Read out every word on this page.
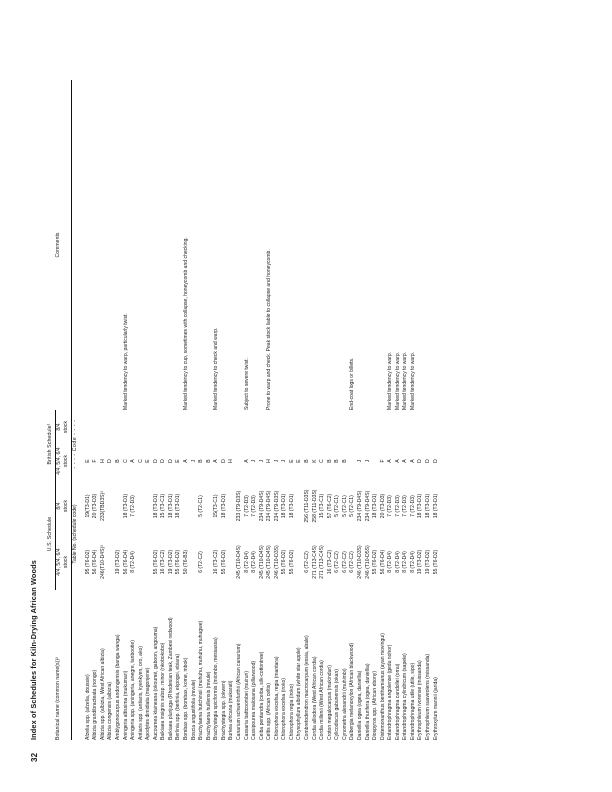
32
Index of Schedules for Kiln-Drying African Woods
	U.S. Schedule		British Schedule¹		
Botanical name (common name(s))²	4/4, 5/4, 6/4 stock	8/4 stock	4/4, 5/4, 6/4 stock	8/4 stock	Comments
	Table No. (schedule code)		- - - - Code - - - -		

Afzelia spp. (afzelia, doussie)	95 (T6-D2)	19(T3-D1)	E		
Albizia grandibracteata (nongo)	56 (T6-D4)	20 (T3-D3)	F		
Albizia spp. (albizia, West African albizia)	246(T10-D4S)³	233(TBD3S)³	H		
Albizia congensis (albizia)			D		
Amblygonocarpus andongensis (banga wanga)	19 (T3-D2)		B		
Aningeria altissima (mukumari)	56 (T6-D4)	18 (T3-D1)	C		Marked tendency to warp, particularly twist.
Aningeria spp. (aningeria, anegre, tanbootie)	8 (T2-D4)	7 (T2-D3)	A		
Antiaris spp. (antiaris, kyenkyen, oro, ako)			C		
Apodytes dimidiata (magonjene)			E		
Aucoumea klaineana (okoumé, gaboon, angouma)	55 (T6-D2)	18 (T3-D1)	D		
Baikiaea insignis subsp. minor (nkobokobo)	16 (T3-C2)	15 (T3-C1)	D		
Baikiaea plurijuga (Rhodesian teak, Zambesi redwood)	19 (T3-D2)	18 (T3-D1)	D		
Berlinia spp. (berlinia, ekpogoi, ebiara)	55 (T6-D2)	18 (T3-D1)	E		
Bombax spp. (bombax, kome, mbok)	50 (T6-B3)		A		Marked tendency to cup, sometimes with collapse, honeycomb and checking.
Boscia angustifolia (mvule)			J		
Brachylaena hutchinsii (muhuhu, muhuhu, muhugwe)	6 (T2-C2)	5 (T2-C1)	B		
Brachylaena huillensis (mvule)			B		
Brachystegia spiciformis (miombo, messassa)	16 (T3-C2)	15(T3-C1)	A		Marked tendency to check and warp.
Brachystegia spp. (okwen)	55 (T6-D2)	18 (T3-D1)	D		
Burkea africana (mukarati)			H		
Canarium schweinfurthii (African canarium)	245 (T10-D4S)	233 (T9-D3S)			
Cassaria battcoombei (muiruri)	8 (T2-D4)	7 (T2-D3)	A		Subject to severe twist.
Cassipourea malosana (pillarwood)	8 (T2-D4)	7 (T2-D3)	J		
Ceiba pentandra (ceiba, silk-cottontree)	245 (T10-D4S)	234 (T9-D4S)	J		
Celtis spp. (African celtis)	245 (T10-D4S)	234 (T9-D4S)	H		Prone to warp and check. Peak stock liable to collapse and honeycomb.
Chlorophora excelsa, regia (mantara)	246 (T10-D3S)	234 (T9-D3S)	J		
Chlorophora excelsa (iroko)	55 (T6-D2)	18 (T3-D1)	J		
Chlorophora regia (iroko)	55 (T6-D2)	18 (T3-D1)	E		
Chrysophyllum albidum (white star apple)			E		
Combretodendron macrocarpum (essia, abale)	6 (T2-C2)	256 (T11-D3S)	B		
Cordia alliodora (West African cordia)	271 (T13-C4S)	258 (T11-D3S)	K		
Cordia millenii (West African cordia)	271 (T13-C4S)	15 (T3-C1)	C		
Croton megalocarpus (mukinduri)	16 (T3-C2)	57 (T6-C2)	B		
Cylicodiscus gabunensis (okan)	6 (T2-C2)	5 (T2-C1)	B		
Cynometra alexandrii (muhimbi)	6 (T2-C2)	5 (T2-C1)	B		
Dalbergia melanoxylon (African blackwood)	6 (T2-C2)	5 (T2-C1)			End-coat logs or billets.
Daniellia ogea (ogea, daniellia)	246 (T10-D3S)	234 (T9-D4S)	J		
Daniellia thurifera (ogea, daniellia)	246 (T10-D5S)	234 (T9-D4S)	J		
Diospyros spp. (African ebony)	55 (T6-D2)	18 (T3-D1)			
Distemonanthus benthamianus (ayan movingui)	56 (T6-D4)	20 (T3-D3)	F		
Entandrophragma angolense (gedu nohor)	8 (T2-D4)	7 (T2-D3)	A		Marked tendency to warp.
Entandrophragma candollei (omu)	8 (T2-D4)	7 (T2-D3)	A		Marked tendency to warp.
Entandrophragma cylindricum (sapele)	8 (T2-D4)	7 (T2-D3)	A		Marked tendency to warp.
Entandrophragma utile (utile, sipo)	8 (T2-D4)	7 (T2-D3)	A		Marked tendency to warp.
Erythrophleum ivorense (missanda)	19 (T3-D2)	18 (T3-D1)	D		
Erythrophleum suaveolens (missanda)	19 (T3-D2)	18 (T3-D1)	D		
Erythroxylum mannii (jarida)	55 (T6-D2)	18 (T3-D1)	D		
